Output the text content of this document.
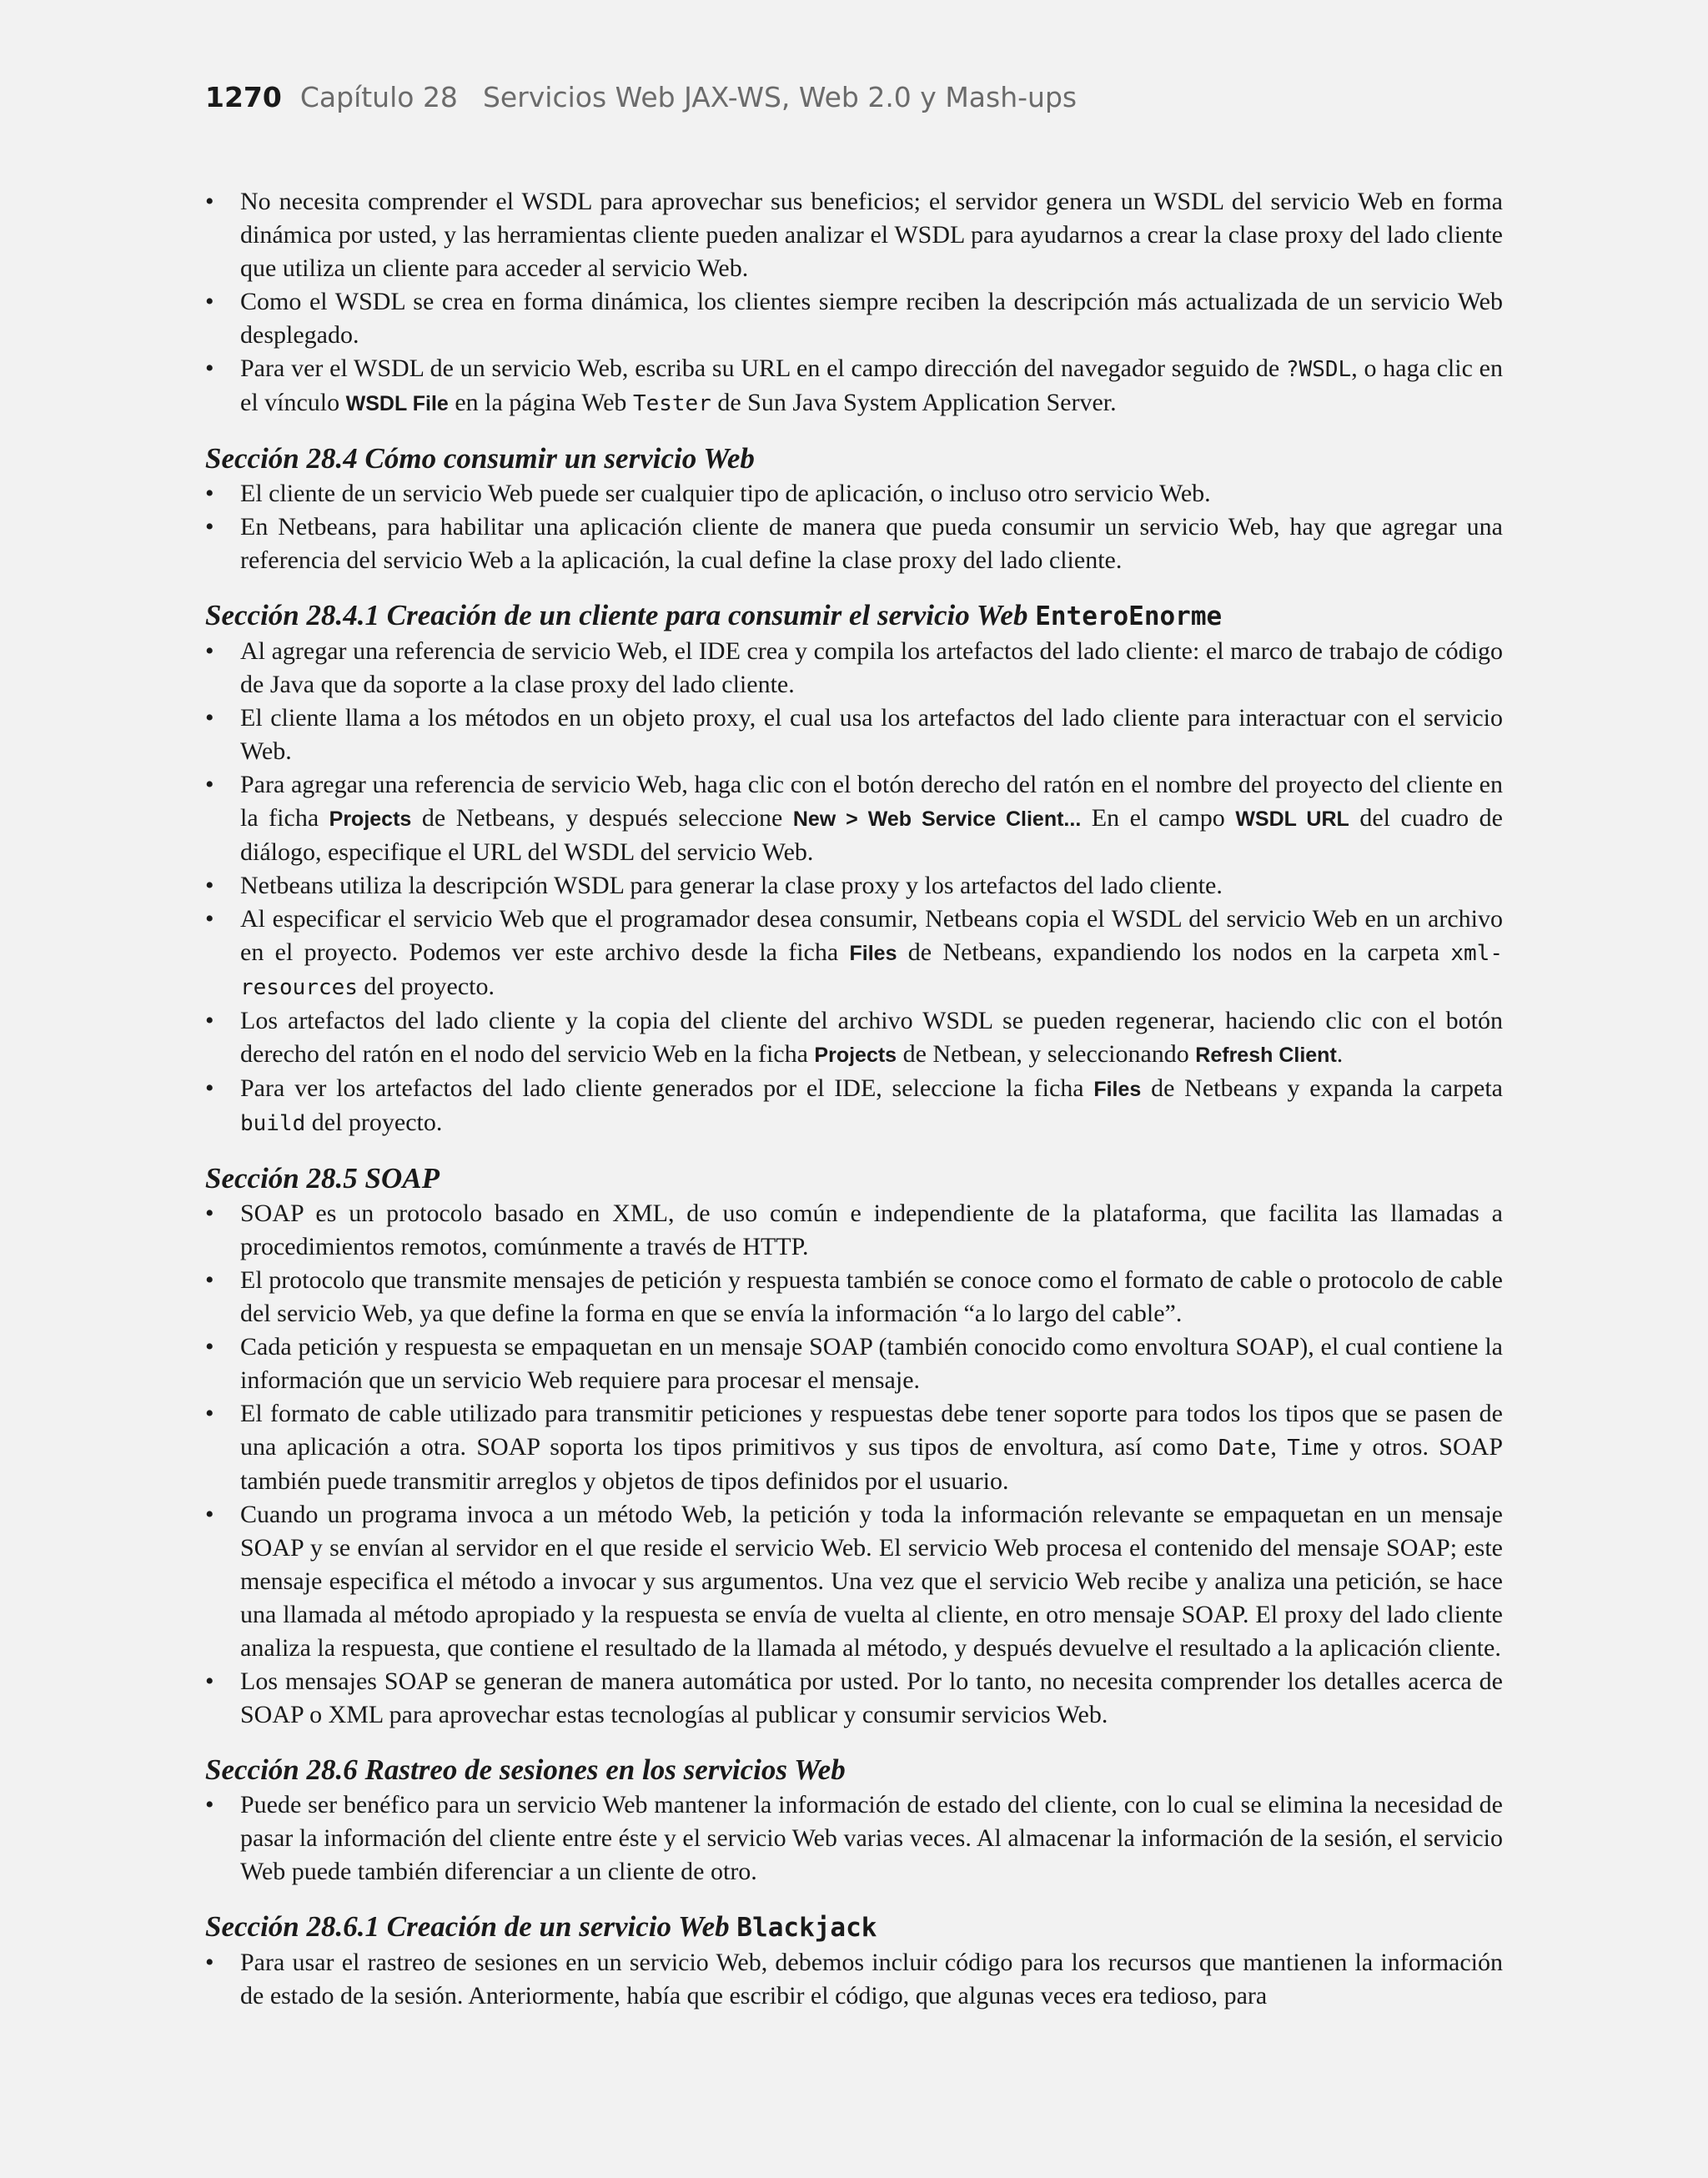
1270 Capítulo 28 Servicios Web JAX-WS, Web 2.0 y Mash-ups
• No necesita comprender el WSDL para aprovechar sus beneficios; el servidor genera un WSDL del servicio Web en forma dinámica por usted, y las herramientas cliente pueden analizar el WSDL para ayudarnos a crear la clase proxy del lado cliente que utiliza un cliente para acceder al servicio Web.
• Como el WSDL se crea en forma dinámica, los clientes siempre reciben la descripción más actualizada de un servicio Web desplegado.
• Para ver el WSDL de un servicio Web, escriba su URL en el campo dirección del navegador seguido de ?WSDL, o haga clic en el vínculo WSDL File en la página Web Tester de Sun Java System Application Server.
Sección 28.4 Cómo consumir un servicio Web
• El cliente de un servicio Web puede ser cualquier tipo de aplicación, o incluso otro servicio Web.
• En Netbeans, para habilitar una aplicación cliente de manera que pueda consumir un servicio Web, hay que agregar una referencia del servicio Web a la aplicación, la cual define la clase proxy del lado cliente.
Sección 28.4.1 Creación de un cliente para consumir el servicio Web EnteroEnorme
• Al agregar una referencia de servicio Web, el IDE crea y compila los artefactos del lado cliente: el marco de trabajo de código de Java que da soporte a la clase proxy del lado cliente.
• El cliente llama a los métodos en un objeto proxy, el cual usa los artefactos del lado cliente para interactuar con el servicio Web.
• Para agregar una referencia de servicio Web, haga clic con el botón derecho del ratón en el nombre del proyecto del cliente en la ficha Projects de Netbeans, y después seleccione New > Web Service Client... En el campo WSDL URL del cuadro de diálogo, especifique el URL del WSDL del servicio Web.
• Netbeans utiliza la descripción WSDL para generar la clase proxy y los artefactos del lado cliente.
• Al especificar el servicio Web que el programador desea consumir, Netbeans copia el WSDL del servicio Web en un archivo en el proyecto. Podemos ver este archivo desde la ficha Files de Netbeans, expandiendo los nodos en la carpeta xml-resources del proyecto.
• Los artefactos del lado cliente y la copia del cliente del archivo WSDL se pueden regenerar, haciendo clic con el botón derecho del ratón en el nodo del servicio Web en la ficha Projects de Netbean, y seleccionando Refresh Client.
• Para ver los artefactos del lado cliente generados por el IDE, seleccione la ficha Files de Netbeans y expanda la carpeta build del proyecto.
Sección 28.5 SOAP
• SOAP es un protocolo basado en XML, de uso común e independiente de la plataforma, que facilita las llamadas a procedimientos remotos, comúnmente a través de HTTP.
• El protocolo que transmite mensajes de petición y respuesta también se conoce como el formato de cable o protocolo de cable del servicio Web, ya que define la forma en que se envía la información “a lo largo del cable”.
• Cada petición y respuesta se empaquetan en un mensaje SOAP (también conocido como envoltura SOAP), el cual contiene la información que un servicio Web requiere para procesar el mensaje.
• El formato de cable utilizado para transmitir peticiones y respuestas debe tener soporte para todos los tipos que se pasen de una aplicación a otra. SOAP soporta los tipos primitivos y sus tipos de envoltura, así como Date, Time y otros. SOAP también puede transmitir arreglos y objetos de tipos definidos por el usuario.
• Cuando un programa invoca a un método Web, la petición y toda la información relevante se empaquetan en un mensaje SOAP y se envían al servidor en el que reside el servicio Web. El servicio Web procesa el contenido del mensaje SOAP; este mensaje especifica el método a invocar y sus argumentos. Una vez que el servicio Web recibe y analiza una petición, se hace una llamada al método apropiado y la respuesta se envía de vuelta al cliente, en otro mensaje SOAP. El proxy del lado cliente analiza la respuesta, que contiene el resultado de la llamada al método, y después devuelve el resultado a la aplicación cliente.
• Los mensajes SOAP se generan de manera automática por usted. Por lo tanto, no necesita comprender los detalles acerca de SOAP o XML para aprovechar estas tecnologías al publicar y consumir servicios Web.
Sección 28.6 Rastreo de sesiones en los servicios Web
• Puede ser benéfico para un servicio Web mantener la información de estado del cliente, con lo cual se elimina la necesidad de pasar la información del cliente entre éste y el servicio Web varias veces. Al almacenar la información de la sesión, el servicio Web puede también diferenciar a un cliente de otro.
Sección 28.6.1 Creación de un servicio Web Blackjack
• Para usar el rastreo de sesiones en un servicio Web, debemos incluir código para los recursos que mantienen la información de estado de la sesión. Anteriormente, había que escribir el código, que algunas veces era tedioso, para
